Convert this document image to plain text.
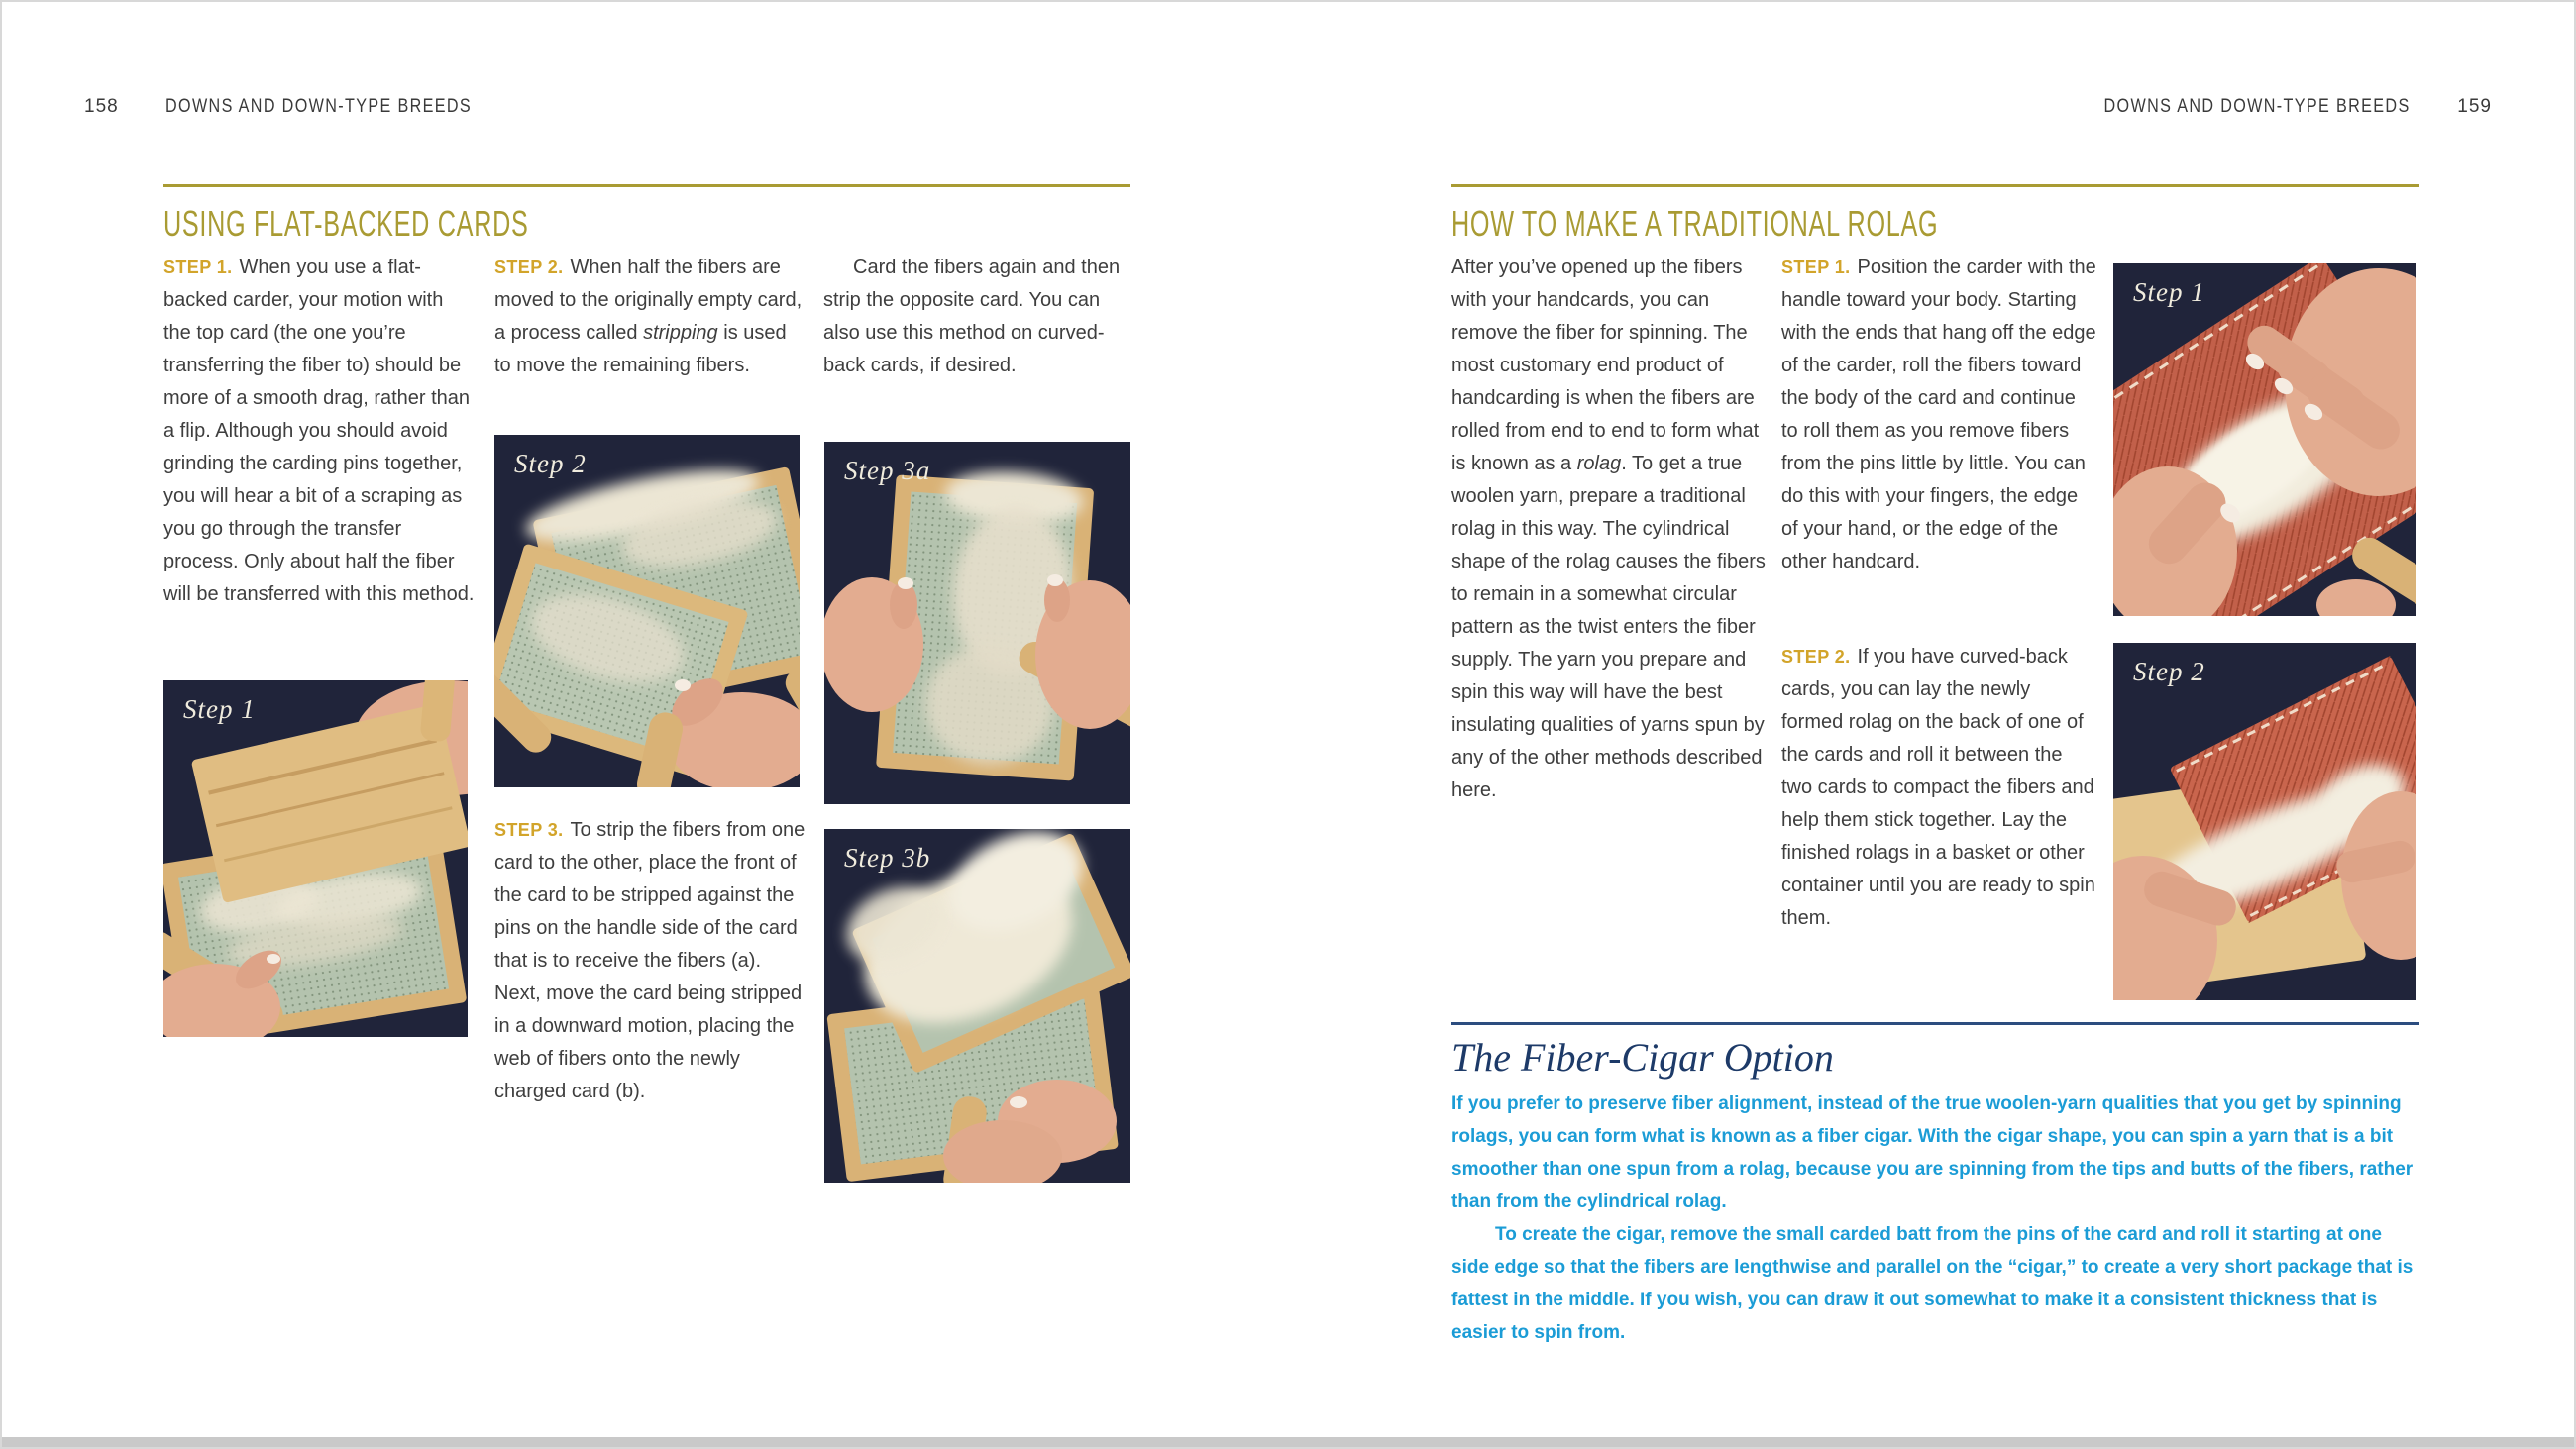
158 DOWNS AND DOWN-TYPE BREEDS
USING FLAT-BACKED CARDS

STEP 1. When you use a flat-backed carder, your motion with the top card (the one you’re transferring the fiber to) should be more of a smooth drag, rather than a flip. Although you should avoid grinding the carding pins together, you will hear a bit of a scraping as you go through the transfer process. Only about half the fiber will be transferred with this method.

Step 1

STEP 2. When half the fibers are moved to the originally empty card, a process called stripping is used to move the remaining fibers.

Step 2

STEP 3. To strip the fibers from one card to the other, place the front of the card to be stripped against the pins on the handle side of the card that is to receive the fibers (a). Next, move the card being stripped in a downward motion, placing the web of fibers onto the newly charged card (b).

Card the fibers again and then strip the opposite card. You can also use this method on curved-back cards, if desired.

Step 3a
Step 3b
159
DOWNS AND DOWN-TYPE BREEDS
HOW TO MAKE A TRADITIONAL ROLAG

After you’ve opened up the fibers with your handcards, you can remove the fiber for spinning. The most customary end product of handcarding is when the fibers are rolled from end to end to form what is known as a rolag. To get a true woolen yarn, prepare a traditional rolag in this way. The cylindrical shape of the rolag causes the fibers to remain in a somewhat circular pattern as the twist enters the fiber supply. The yarn you prepare and spin this way will have the best insulating qualities of yarns spun by any of the other methods described here.

STEP 1. Position the carder with the handle toward your body. Starting with the ends that hang off the edge of the carder, roll the fibers toward the body of the card and continue to roll them as you remove fibers from the pins little by little. You can do this with your fingers, the edge of your hand, or the edge of the other handcard.

STEP 2. If you have curved-back cards, you can lay the newly formed rolag on the back of one of the cards and roll it between the two cards to compact the fibers and help them stick together. Lay the finished rolags in a basket or other container until you are ready to spin them.

Step 1
Step 2
The Fiber-Cigar Option

If you prefer to preserve fiber alignment, instead of the true woolen-yarn qualities that you get by spinning rolags, you can form what is known as a fiber cigar. With the cigar shape, you can spin a yarn that is a bit smoother than one spun from a rolag, because you are spinning from the tips and butts of the fibers, rather than from the cylindrical rolag.

To create the cigar, remove the small carded batt from the pins of the card and roll it starting at one side edge so that the fibers are lengthwise and parallel on the “cigar,” to create a very short package that is fattest in the middle. If you wish, you can draw it out somewhat to make it a consistent thickness that is easier to spin from.
